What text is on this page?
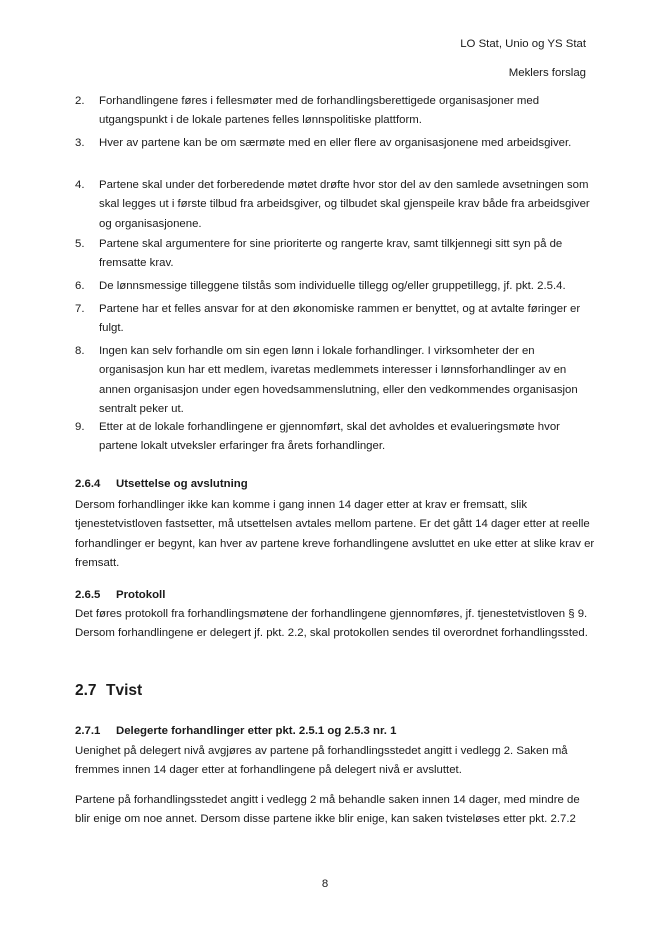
LO Stat, Unio og YS Stat
Meklers forslag
2.	Forhandlingene føres i fellesmøter med de forhandlingsberettigede organisasjoner med utgangspunkt i de lokale partenes felles lønnspolitiske plattform.
3.	Hver av partene kan be om særmøte med en eller flere av organisasjonene med arbeidsgiver.
4.	Partene skal under det forberedende møtet drøfte hvor stor del av den samlede avsetningen som skal legges ut i første tilbud fra arbeidsgiver, og tilbudet skal gjenspeile krav både fra arbeidsgiver og organisasjonene.
5.	Partene skal argumentere for sine prioriterte og rangerte krav, samt tilkjennegi sitt syn på de fremsatte krav.
6.	De lønnsmessige tilleggene tilstås som individuelle tillegg og/eller gruppetillegg, jf. pkt. 2.5.4.
7.	Partene har et felles ansvar for at den økonomiske rammen er benyttet, og at avtalte føringer er fulgt.
8.	Ingen kan selv forhandle om sin egen lønn i lokale forhandlinger. I virksomheter der en organisasjon kun har ett medlem, ivaretas medlemmets interesser i lønnsforhandlinger av en annen organisasjon under egen hovedsammenslutning, eller den vedkommendes organisasjon sentralt peker ut.
9.	Etter at de lokale forhandlingene er gjennomført, skal det avholdes et evalueringsmøte hvor partene lokalt utveksler erfaringer fra årets forhandlinger.
2.6.4 Utsettelse og avslutning
Dersom forhandlinger ikke kan komme i gang innen 14 dager etter at krav er fremsatt, slik tjenestetvistloven fastsetter, må utsettelsen avtales mellom partene. Er det gått 14 dager etter at reelle forhandlinger er begynt, kan hver av partene kreve forhandlingene avsluttet en uke etter at slike krav er fremsatt.
2.6.5 Protokoll
Det føres protokoll fra forhandlingsmøtene der forhandlingene gjennomføres, jf. tjenestetvistloven § 9. Dersom forhandlingene er delegert jf. pkt. 2.2, skal protokollen sendes til overordnet forhandlingssted.
2.7 Tvist
2.7.1 Delegerte forhandlinger etter pkt. 2.5.1 og 2.5.3 nr. 1
Uenighet på delegert nivå avgjøres av partene på forhandlingsstedet angitt i vedlegg 2. Saken må fremmes innen 14 dager etter at forhandlingene på delegert nivå er avsluttet.
Partene på forhandlingsstedet angitt i vedlegg 2 må behandle saken innen 14 dager, med mindre de blir enige om noe annet. Dersom disse partene ikke blir enige, kan saken tvisteløses etter pkt. 2.7.2
8
